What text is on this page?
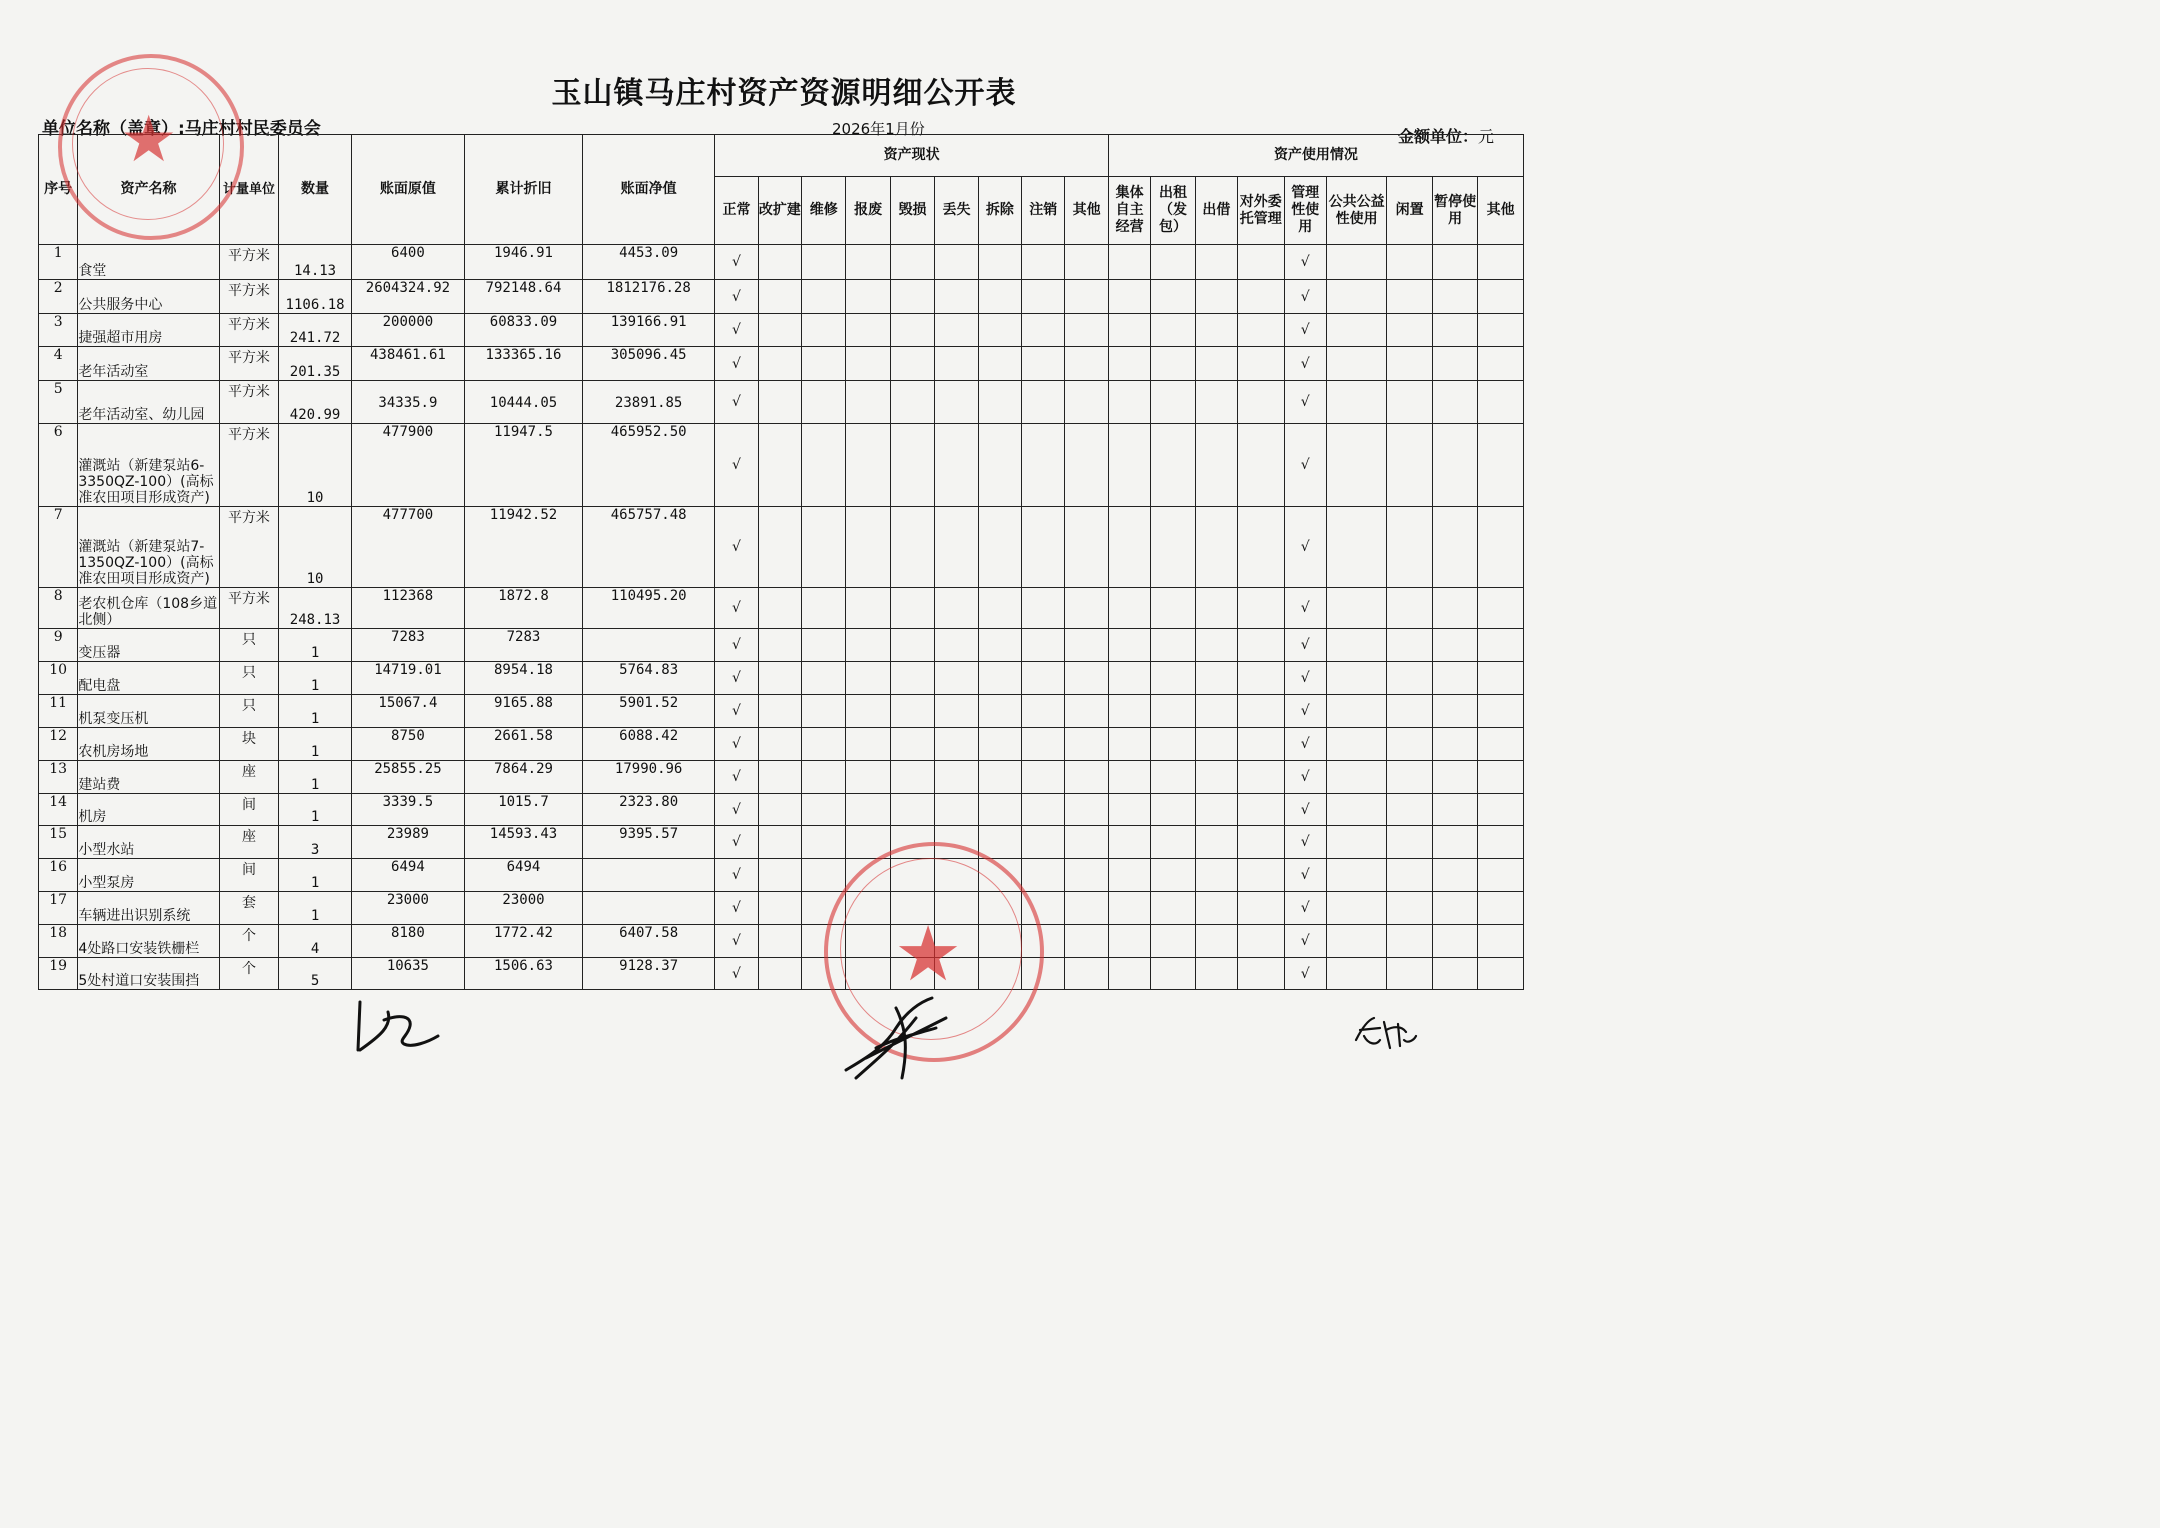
玉山镇马庄村资产资源明细公开表
单位名称（盖章）:马庄村村民委员会	2026年1月份	金额单位：元
序号	资产名称	计量单位	数量	账面原值	累计折旧	账面净值	资产现状									资产使用情况								
							正常	改扩建	维修	报废	毁损	丢失	拆除	注销	其他	集体自主经营	出租（发包）	出借	对外委托管理	管理性使用	公共公益性使用	闲置	暂停使用	其他
1	食堂	平方米	14.13	6400	1946.91	4453.09	√													√				
2	公共服务中心	平方米	1106.18	2604324.92	792148.64	1812176.28	√													√				
3	捷强超市用房	平方米	241.72	200000	60833.09	139166.91	√													√				
4	老年活动室	平方米	201.35	438461.61	133365.16	305096.45	√													√				
5	老年活动室、幼儿园	平方米	420.99	34335.9	10444.05	23891.85	√													√				
6	灌溉站（新建泵站6-3350QZ-100）(高标准农田项目形成资产)	平方米	10	477900	11947.5	465952.50	√													√				
7	灌溉站（新建泵站7-1350QZ-100）(高标准农田项目形成资产)	平方米	10	477700	11942.52	465757.48	√													√				
8	老农机仓库（108乡道北侧）	平方米	248.13	112368	1872.8	110495.20	√													√				
9	变压器	只	1	7283	7283		√													√				
10	配电盘	只	1	14719.01	8954.18	5764.83	√													√				
11	机泵变压机	只	1	15067.4	9165.88	5901.52	√													√				
12	农机房场地	块	1	8750	2661.58	6088.42	√													√				
13	建站费	座	1	25855.25	7864.29	17990.96	√													√				
14	机房	间	1	3339.5	1015.7	2323.80	√													√				
15	小型水站	座	3	23989	14593.43	9395.57	√													√				
16	小型泵房	间	1	6494	6494		√													√				
17	车辆进出识别系统	套	1	23000	23000		√													√				
18	4处路口安装铁栅栏	个	4	8180	1772.42	6407.58	√													√				
19	5处村道口安装围挡	个	5	10635	1506.63	9128.37	√													√				
★
★
